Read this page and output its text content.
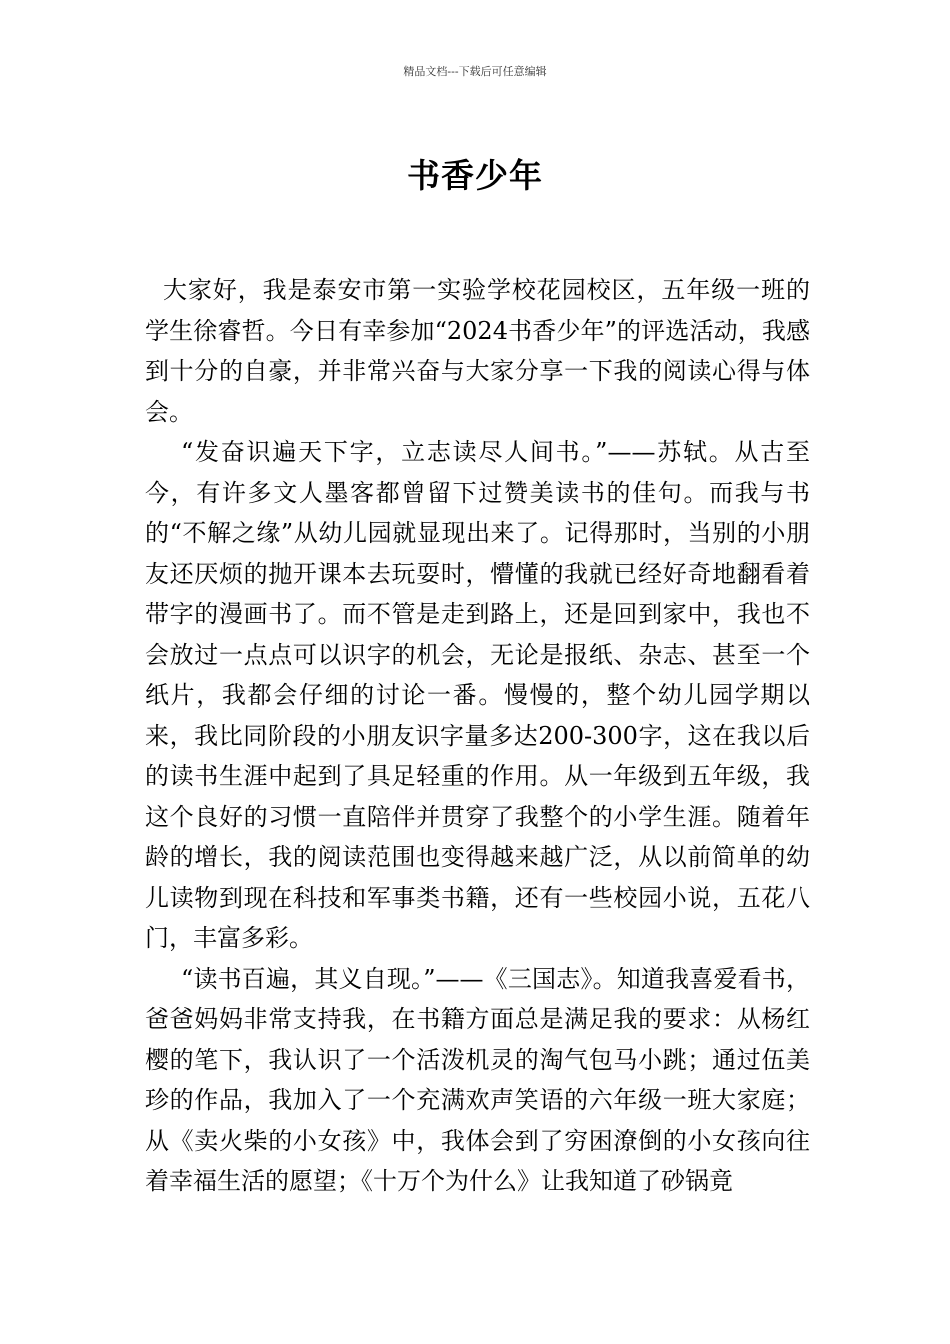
精品文档---下载后可任意编辑
书香少年

大家好，我是泰安市第一实验学校花园校区，五年级一班的学生徐睿哲。今日有幸参加“2024书香少年”的评选活动，我感到十分的自豪，并非常兴奋与大家分享一下我的阅读心得与体会。

“发奋识遍天下字，立志读尽人间书。”——苏轼。从古至今，有许多文人墨客都曾留下过赞美读书的佳句。而我与书的“不解之缘”从幼儿园就显现出来了。记得那时，当别的小朋友还厌烦的抛开课本去玩耍时，懵懂的我就已经好奇地翻看着带字的漫画书了。而不管是走到路上，还是回到家中，我也不会放过一点点可以识字的机会，无论是报纸、杂志、甚至一个纸片，我都会仔细的讨论一番。慢慢的，整个幼儿园学期以来，我比同阶段的小朋友识字量多达200-300字，这在我以后的读书生涯中起到了具足轻重的作用。从一年级到五年级，我这个良好的习惯一直陪伴并贯穿了我整个的小学生涯。随着年龄的增长，我的阅读范围也变得越来越广泛，从以前简单的幼儿读物到现在科技和军事类书籍，还有一些校园小说，五花八门，丰富多彩。

“读书百遍，其义自现。”——《三国志》。知道我喜爱看书，爸爸妈妈非常支持我，在书籍方面总是满足我的要求：从杨红樱的笔下，我认识了一个活泼机灵的淘气包马小跳；通过伍美珍的作品，我加入了一个充满欢声笑语的六年级一班大家庭；从《卖火柴的小女孩》中，我体会到了穷困潦倒的小女孩向往着幸福生活的愿望；《十万个为什么》让我知道了砂锅竟
